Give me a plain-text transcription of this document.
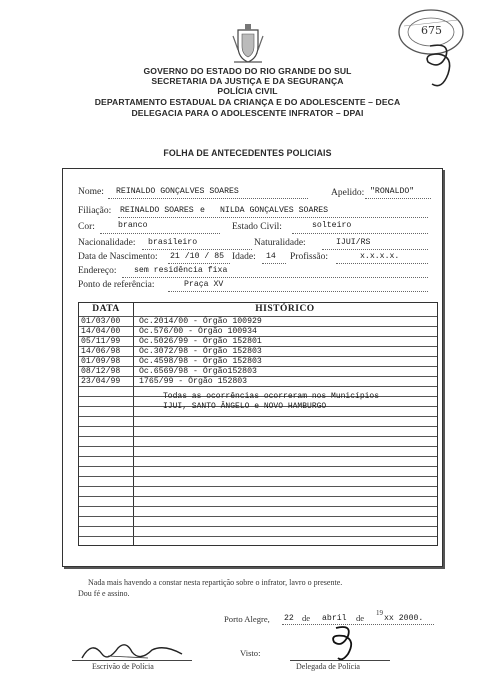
675
GOVERNO DO ESTADO DO RIO GRANDE DO SUL
SECRETARIA DA JUSTIÇA E DA SEGURANÇA
POLÍCIA CIVIL
DEPARTAMENTO ESTADUAL DA CRIANÇA E DO ADOLESCENTE – DECA
DELEGACIA PARA O ADOLESCENTE INFRATOR – DPAI
FOLHA DE ANTECEDENTES POLICIAIS
Nome: REINALDO GONÇALVES SOARES	Apelido: "RONALDO"
Filiação: REINALDO SOARES e NILDA GONÇALVES SOARES
Cor:	branco	Estado Civil:	solteiro
Nacionalidade: brasileiro	Naturalidade:	IJUI/RS
Data de Nascimento: 21 /10 / 85 Idade: 14 Profissão:	x.x.x.x.
Endereço: sem residência fixa
Ponto de referência:	Praça XV
DATA	HISTÓRICO
01/03/00 Oc.2014/00 - Órgão 100929
14/04/00 Oc.576/00 - Órgão 100934
05/11/99 Oc.5026/99 - Órgão 152801
14/06/98 Oc.3072/98 - Órgão 152803
01/09/98 Oc.4598/98 - Órgão 152803
08/12/98 Oc.6569/98 - Órgão152803
23/04/99 1765/99 - Órgão 152803
Todas as ocorrências ocorreram nos Municípios
IJUI, SANTO ÂNGELO e NOVO HAMBURGO
Nada mais havendo a constar nesta repartição sobre o infrator, lavro o presente.
Dou fé e assino.
Porto Alegre, 22 de abril de 19
xx 2000.
Escrivão de Polícia
Visto:
Delegada de Polícia
